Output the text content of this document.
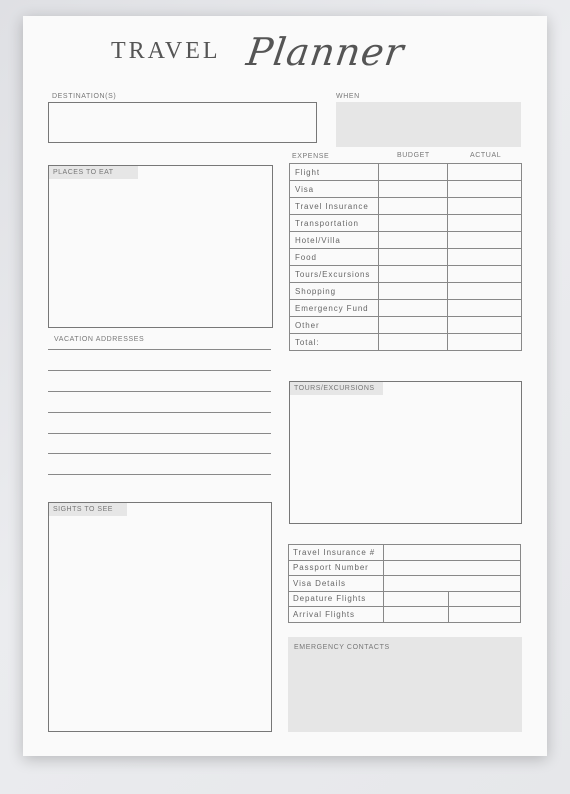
TRAVEL Planner
DESTINATION(S)	WHEN
PLACES TO EAT
VACATION ADDRESSES
SIGHTS TO SEE
EXPENSE	BUDGET	ACTUAL
Flight		
Visa		
Travel Insurance		
Transportation		
Hotel/Villa		
Food		
Tours/Excursions		
Shopping		
Emergency Fund		
Other		
Total:		
TOURS/EXCURSIONS
Travel Insurance #		
Passport Number		
Visa Details		
Depature Flights		
Arrival Flights		
EMERGENCY CONTACTS
